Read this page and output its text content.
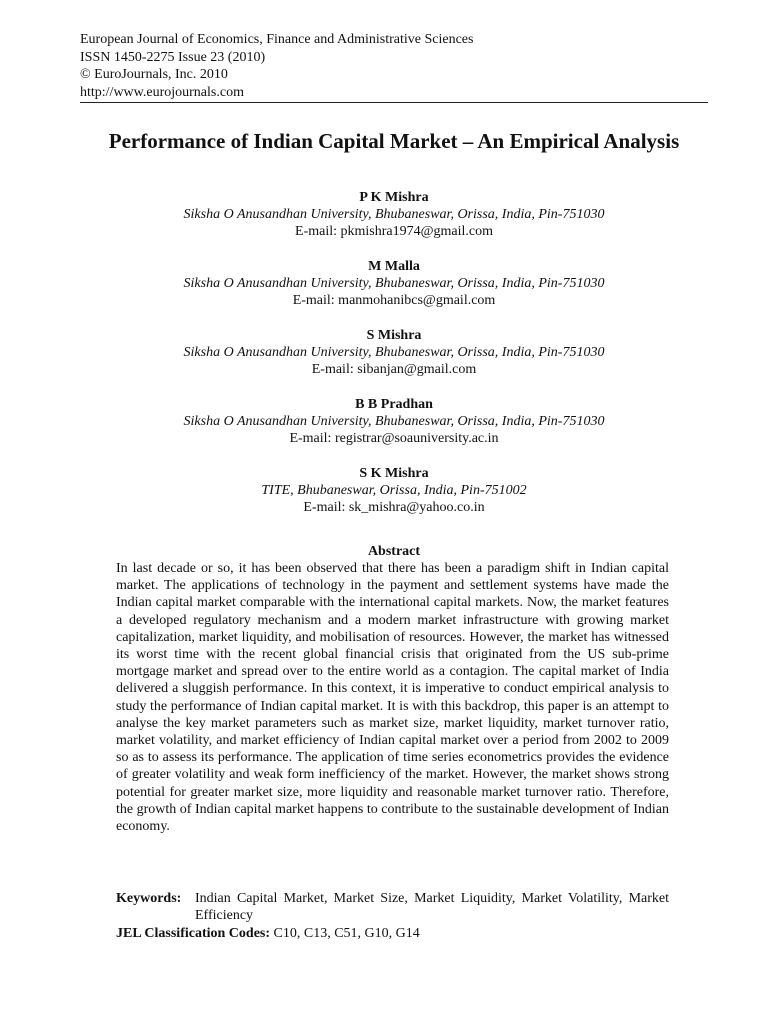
European Journal of Economics, Finance and Administrative Sciences
ISSN 1450-2275 Issue 23 (2010)
© EuroJournals, Inc. 2010
http://www.eurojournals.com
Performance of Indian Capital Market – An Empirical Analysis
P K Mishra
Siksha O Anusandhan University, Bhubaneswar, Orissa, India, Pin-751030
E-mail: pkmishra1974@gmail.com
M Malla
Siksha O Anusandhan University, Bhubaneswar, Orissa, India, Pin-751030
E-mail: manmohanibcs@gmail.com
S Mishra
Siksha O Anusandhan University, Bhubaneswar, Orissa, India, Pin-751030
E-mail: sibanjan@gmail.com
B B Pradhan
Siksha O Anusandhan University, Bhubaneswar, Orissa, India, Pin-751030
E-mail: registrar@soauniversity.ac.in
S K Mishra
TITE, Bhubaneswar, Orissa, India, Pin-751002
E-mail: sk_mishra@yahoo.co.in
Abstract
In last decade or so, it has been observed that there has been a paradigm shift in Indian capital market. The applications of technology in the payment and settlement systems have made the Indian capital market comparable with the international capital markets. Now, the market features a developed regulatory mechanism and a modern market infrastructure with growing market capitalization, market liquidity, and mobilisation of resources. However, the market has witnessed its worst time with the recent global financial crisis that originated from the US sub-prime mortgage market and spread over to the entire world as a contagion. The capital market of India delivered a sluggish performance. In this context, it is imperative to conduct empirical analysis to study the performance of Indian capital market. It is with this backdrop, this paper is an attempt to analyse the key market parameters such as market size, market liquidity, market turnover ratio, market volatility, and market efficiency of Indian capital market over a period from 2002 to 2009 so as to assess its performance. The application of time series econometrics provides the evidence of greater volatility and weak form inefficiency of the market. However, the market shows strong potential for greater market size, more liquidity and reasonable market turnover ratio. Therefore, the growth of Indian capital market happens to contribute to the sustainable development of Indian economy.
Keywords: Indian Capital Market, Market Size, Market Liquidity, Market Volatility, Market Efficiency
JEL Classification Codes: C10, C13, C51, G10, G14
